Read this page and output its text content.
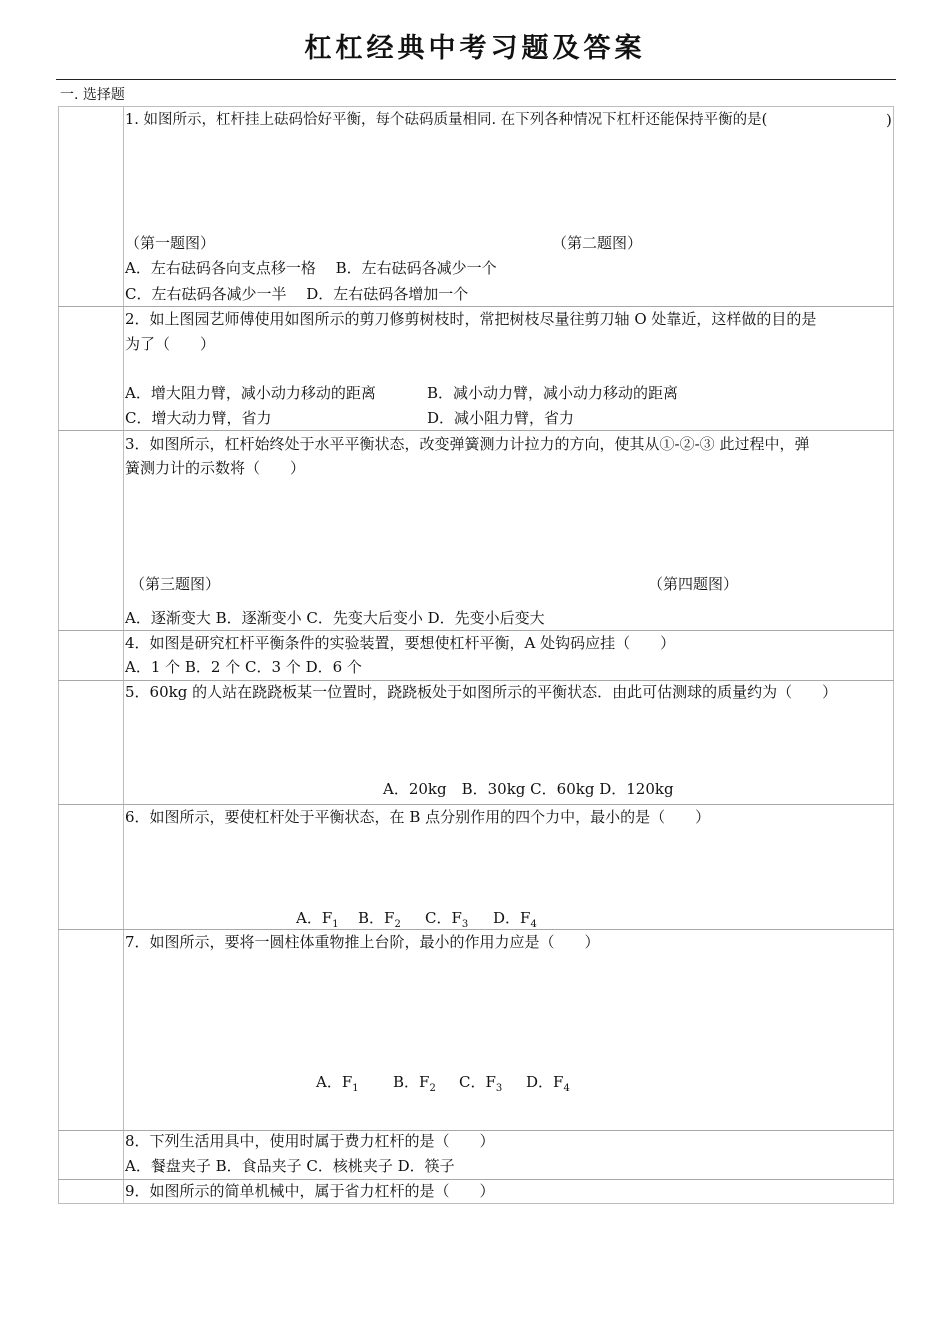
杠杠经典中考习题及答案
一. 选择题
1. 如图所示，杠杆挂上砝码恰好平衡，每个砝码质量相同. 在下列各种情况下杠杆还能保持平衡的是(	)
（第一题图）	（第二题图）
A．左右砝码各向支点移一格　 B．左右砝码各减少一个
C．左右砝码各减少一半　 D．左右砝码各增加一个
2．如上图园艺师傅使用如图所示的剪刀修剪树枝时，常把树枝尽量往剪刀轴 O 处靠近，这样做的目的是
为了（　　）
A．增大阻力臂，减小动力移动的距离	B．减小动力臂，减小动力移动的距离
C．增大动力臂，省力	D．减小阻力臂，省力
3．如图所示，杠杆始终处于水平平衡状态，改变弹簧测力计拉力的方向，使其从①-②-③ 此过程中，弹
簧测力计的示数将（　　）
（第三题图）	（第四题图）
A．逐渐变大 B．逐渐变小 C．先变大后变小 D．先变小后变大
4．如图是研究杠杆平衡条件的实验装置，要想使杠杆平衡，A 处钩码应挂（　　）
A．1 个 B．2 个 C．3 个 D．6 个
5．60kg 的人站在跷跷板某一位置时，跷跷板处于如图所示的平衡状态．由此可估测球的质量约为（　　）
A．20kg　B．30kg C．60kg D．120kg
6．如图所示，要使杠杆处于平衡状态，在 B 点分别作用的四个力中，最小的是（　　）
A．$F_1$ B．$F_2$ C．$F_3$ D．$F_4$
7．如图所示，要将一圆柱体重物推上台阶，最小的作用力应是（　　）
A．$F_1$ B．$F_2$ C．$F_3$ D．$F_4$
8．下列生活用具中，使用时属于费力杠杆的是（　　）
A．餐盘夹子 B．食品夹子 C．核桃夹子 D．筷子
9．如图所示的简单机械中，属于省力杠杆的是（　　）
